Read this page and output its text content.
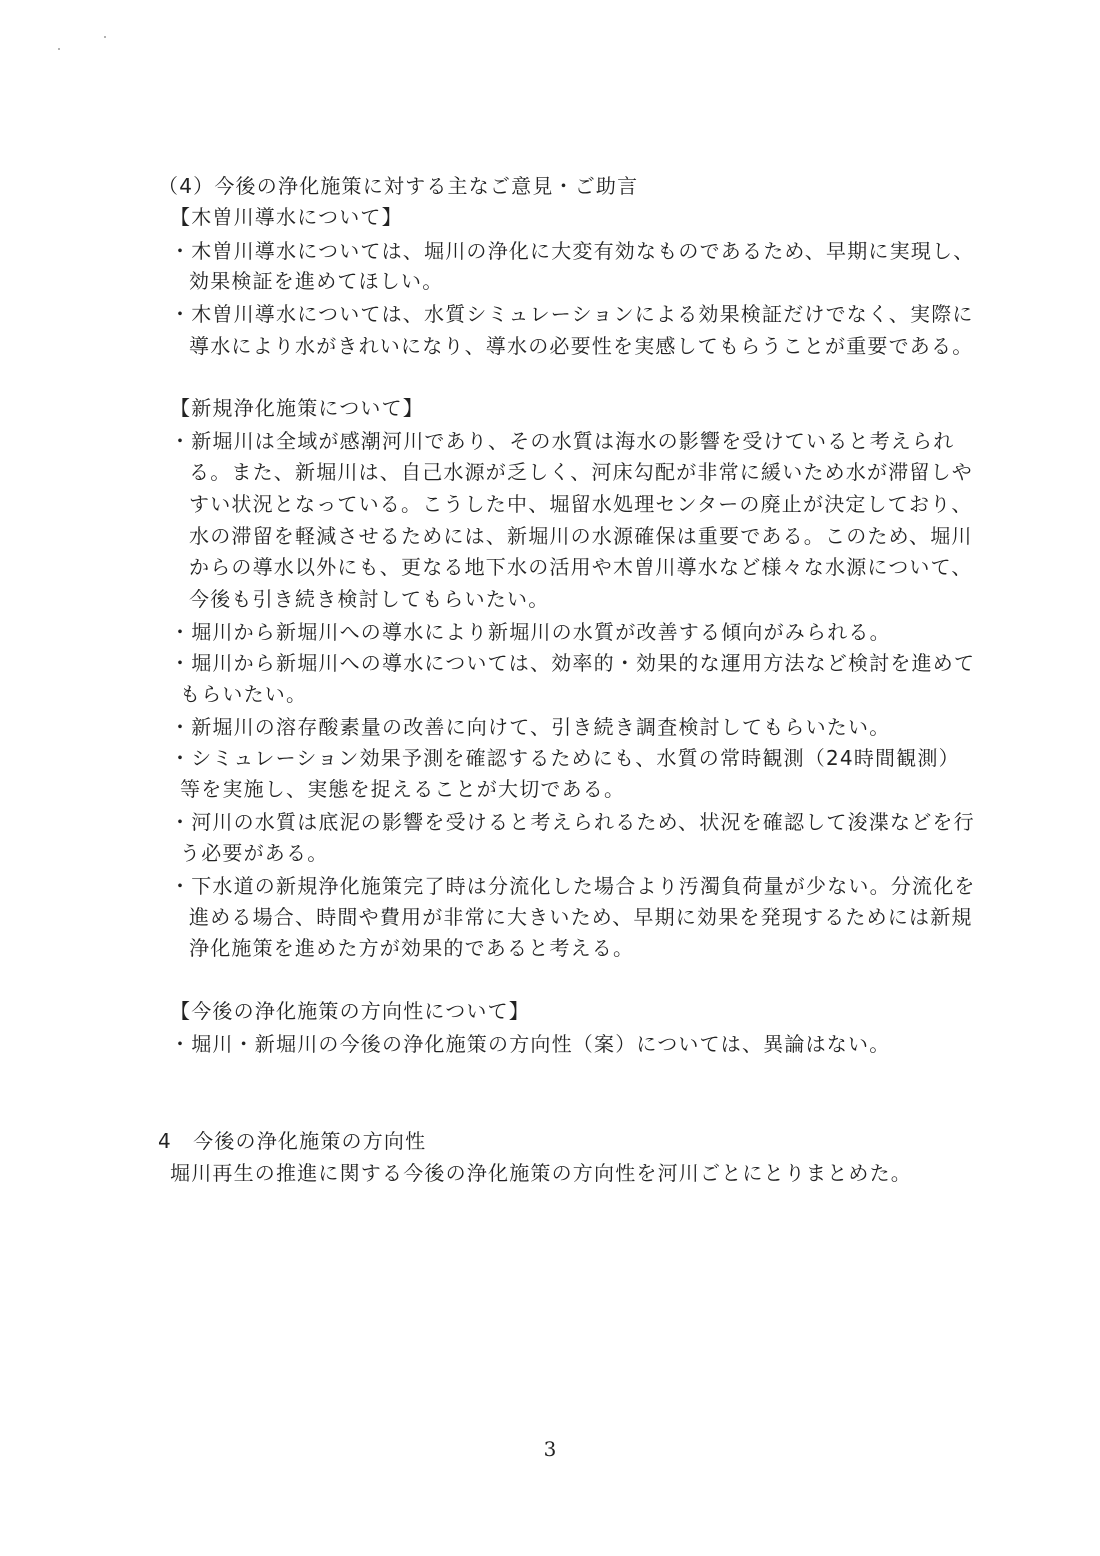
（4）今後の浄化施策に対する主なご意見・ご助言
【木曽川導水について】
・木曽川導水については、堀川の浄化に大変有効なものであるため、早期に実現し、
効果検証を進めてほしい。
・木曽川導水については、水質シミュレーションによる効果検証だけでなく、実際に
導水により水がきれいになり、導水の必要性を実感してもらうことが重要である。
【新規浄化施策について】
・新堀川は全域が感潮河川であり、その水質は海水の影響を受けていると考えられ
る。また、新堀川は、自己水源が乏しく、河床勾配が非常に緩いため水が滞留しや
すい状況となっている。こうした中、堀留水処理センターの廃止が決定しており、
水の滞留を軽減させるためには、新堀川の水源確保は重要である。このため、堀川
からの導水以外にも、更なる地下水の活用や木曽川導水など様々な水源について、
今後も引き続き検討してもらいたい。
・堀川から新堀川への導水により新堀川の水質が改善する傾向がみられる。
・堀川から新堀川への導水については、効率的・効果的な運用方法など検討を進めて
もらいたい。
・新堀川の溶存酸素量の改善に向けて、引き続き調査検討してもらいたい。
・シミュレーション効果予測を確認するためにも、水質の常時観測（24時間観測）
等を実施し、実態を捉えることが大切である。
・河川の水質は底泥の影響を受けると考えられるため、状況を確認して浚渫などを行
う必要がある。
・下水道の新規浄化施策完了時は分流化した場合より汚濁負荷量が少ない。分流化を
進める場合、時間や費用が非常に大きいため、早期に効果を発現するためには新規
浄化施策を進めた方が効果的であると考える。
【今後の浄化施策の方向性について】
・堀川・新堀川の今後の浄化施策の方向性（案）については、異論はない。
4　今後の浄化施策の方向性
堀川再生の推進に関する今後の浄化施策の方向性を河川ごとにとりまとめた。
3
